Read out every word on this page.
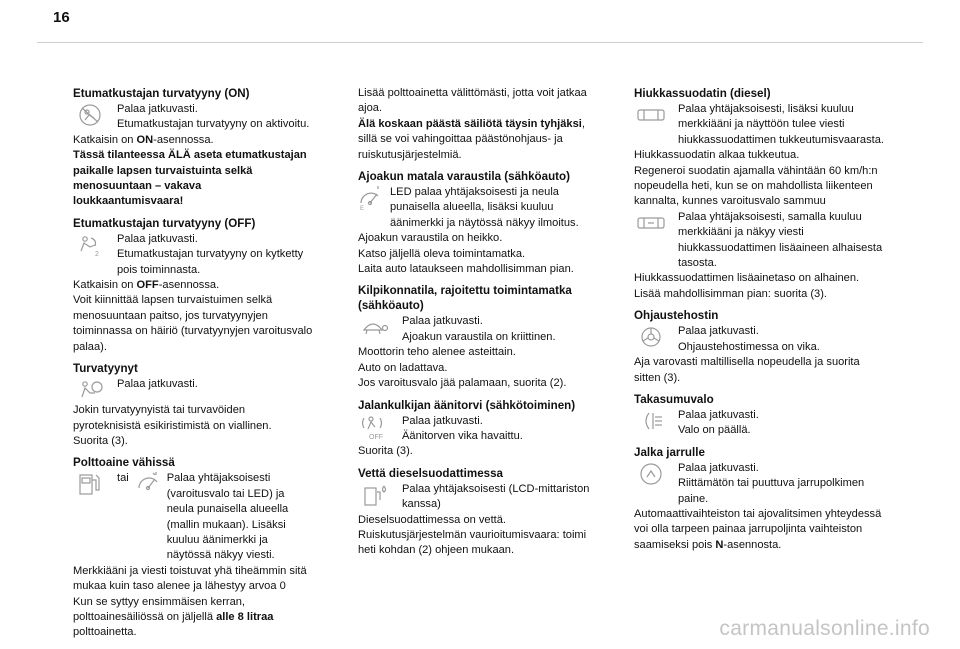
16
Etumatkustajan turvatyyny (ON)

Palaa jatkuvasti.

Etumatkustajan turvatyyny on aktivoitu.

Katkaisin on ON-asennossa.

Tässä tilanteessa ÄLÄ aseta etumatkustajan paikalle lapsen turvaistuinta selkä menosuuntaan – vakava loukkaantumisvaara!

Etumatkustajan turvatyyny (OFF)
2

Palaa jatkuvasti.

Etumatkustajan turvatyyny on kytketty pois toiminnasta.

Katkaisin on OFF-asennossa.

Voit kiinnittää lapsen turvaistuimen selkä menosuuntaan paitso, jos turvatyynyjen toiminnassa on häiriö (turvatyynyjen varoitusvalo palaa).

Turvatyynyt

Palaa jatkuvasti.

Jokin turvatyynyistä tai turvavöiden pyroteknisistä esikiristimistä on viallinen.

Suorita (3).

Polttoaine vähissä
tai	Palaa yhtäjaksoisesti (varoitusvalo tai LED) ja neula punaisella alueella (mallin mukaan). Lisäksi kuuluu äänimerkki ja näytössä näkyy viesti.

Merkkiääni ja viesti toistuvat yhä tiheämmin sitä mukaa kuin taso alenee ja lähestyy arvoa 0

Kun se syttyy ensimmäisen kerran, polttoainesäiliössä on jäljellä alle 8 litraa polttoainetta.

Lisää polttoainetta välittömästi, jotta voit jatkaa ajoa.

Älä koskaan päästä säiliötä täysin tyhjäksi, sillä se voi vahingoittaa päästönohjaus- ja ruiskutusjärjestelmiä.

Ajoakun matala varaustila (sähköauto)
E

LED palaa yhtäjaksoisesti ja neula punaisella alueella, lisäksi kuuluu äänimerkki ja näytössä näkyy ilmoitus.

Ajoakun varaustila on heikko.

Katso jäljellä oleva toimintamatka.

Laita auto lataukseen mahdollisimman pian.

Kilpikonnatila, rajoitettu toimintamatka (sähköauto)

Palaa jatkuvasti.

Ajoakun varaustila on kriittinen.

Moottorin teho alenee asteittain.

Auto on ladattava.

Jos varoitusvalo jää palamaan, suorita (2).

Jalankulkijan äänitorvi (sähkötoiminen)
OFF

Palaa jatkuvasti.

Äänitorven vika havaittu.

Suorita (3).

Vettä dieselsuodattimessa

Palaa yhtäjaksoisesti (LCD-mittariston kanssa)

Dieselsuodattimessa on vettä.

Ruiskutusjärjestelmän vaurioitumisvaara: toimi heti kohdan (2) ohjeen mukaan.

Hiukkassuodatin (diesel)

Palaa yhtäjaksoisesti, lisäksi kuuluu merkkiääni ja näyttöön tulee viesti hiukkassuodattimen tukkeutumisvaarasta.

Hiukkassuodatin alkaa tukkeutua.

Regeneroi suodatin ajamalla vähintään 60 km/h:n nopeudella heti, kun se on mahdollista liikenteen kannalta, kunnes varoitusvalo sammuu

Palaa yhtäjaksoisesti, samalla kuuluu merkkiääni ja näkyy viesti hiukkassuodattimen lisäaineen alhaisesta tasosta.

Hiukkassuodattimen lisäainetaso on alhainen.

Lisää mahdollisimman pian: suorita (3).

Ohjaustehostin

Palaa jatkuvasti.

Ohjaustehostimessa on vika.

Aja varovasti maltillisella nopeudella ja suorita sitten (3).

Takasumuvalo

Palaa jatkuvasti.

Valo on päällä.

Jalka jarrulle

Palaa jatkuvasti.

Riittämätön tai puuttuva jarrupolkimen paine.

Automaattivaihteiston tai ajovalitsimen yhteydessä voi olla tarpeen painaa jarrupoljinta vaihteiston saamiseksi pois N-asennosta.

carmanualsonline.info
